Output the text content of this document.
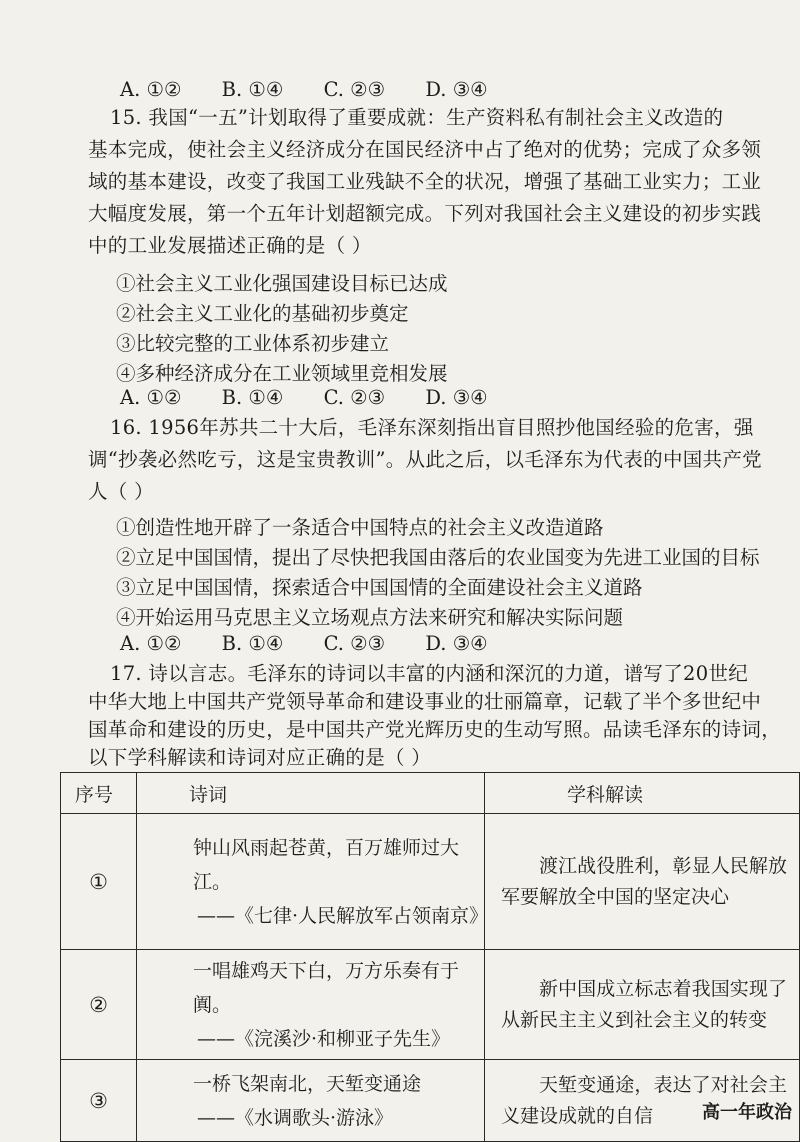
A. ①② B. ①④ C. ②③ D. ③④
15. 我国“一五”计划取得了重要成就：生产资料私有制社会主义改造的
基本完成，使社会主义经济成分在国民经济中占了绝对的优势；完成了众多领
域的基本建设，改变了我国工业残缺不全的状况，增强了基础工业实力；工业
大幅度发展，第一个五年计划超额完成。下列对我国社会主义建设的初步实践
中的工业发展描述正确的是（ ）
①社会主义工业化强国建设目标已达成
②社会主义工业化的基础初步奠定
③比较完整的工业体系初步建立
④多种经济成分在工业领域里竞相发展
A. ①② B. ①④ C. ②③ D. ③④
16. 1956年苏共二十大后，毛泽东深刻指出盲目照抄他国经验的危害，强
调“抄袭必然吃亏，这是宝贵教训”。从此之后，以毛泽东为代表的中国共产党
人（ ）
①创造性地开辟了一条适合中国特点的社会主义改造道路
②立足中国国情，提出了尽快把我国由落后的农业国变为先进工业国的目标
③立足中国国情，探索适合中国国情的全面建设社会主义道路
④开始运用马克思主义立场观点方法来研究和解决实际问题
A. ①② B. ①④ C. ②③ D. ③④
17. 诗以言志。毛泽东的诗词以丰富的内涵和深沉的力道，谱写了20世纪
中华大地上中国共产党领导革命和建设事业的壮丽篇章，记载了半个多世纪中
国革命和建设的历史，是中国共产党光辉历史的生动写照。品读毛泽东的诗词，
以下学科解读和诗词对应正确的是（ ）
序号	诗词	学科解读
①	钟山风雨起苍黄，百万雄师过大江。
——《七律·人民解放军占领南京》	渡江战役胜利，彰显人民解放军要解放全中国的坚定决心
②	一唱雄鸡天下白，万方乐奏有于阗。
——《浣溪沙·和柳亚子先生》	新中国成立标志着我国实现了从新民主主义到社会主义的转变
③	一桥飞架南北，天堑变通途
——《水调歌头·游泳》	天堑变通途，表达了对社会主义建设成就的自信	高一年政治
